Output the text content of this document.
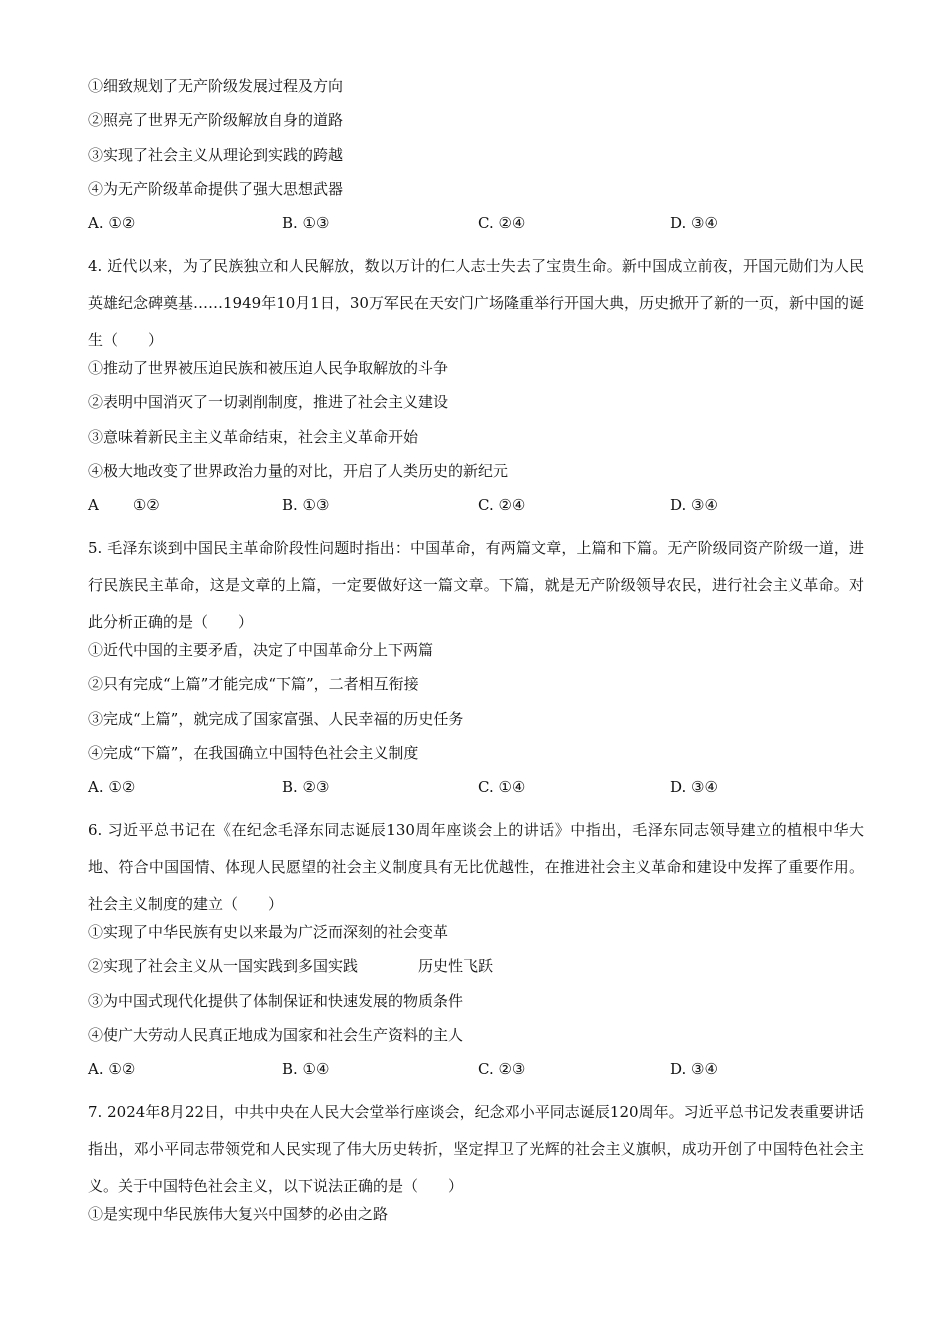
①细致规划了无产阶级发展过程及方向
②照亮了世界无产阶级解放自身的道路
③实现了社会主义从理论到实践的跨越
④为无产阶级革命提供了强大思想武器
A. ①②	B. ①③	C. ②④	D. ③④
4. 近代以来，为了民族独立和人民解放，数以万计的仁人志士失去了宝贵生命。新中国成立前夜，开国元勋们为人民英雄纪念碑奠基……1949年10月1日，30万军民在天安门广场隆重举行开国大典，历史掀开了新的一页，新中国的诞生（　　）
①推动了世界被压迫民族和被压迫人民争取解放的斗争
②表明中国消灭了一切剥削制度，推进了社会主义建设
③意味着新民主主义革命结束，社会主义革命开始
④极大地改变了世界政治力量的对比，开启了人类历史的新纪元
A ①②	B. ①③	C. ②④	D. ③④
5. 毛泽东谈到中国民主革命阶段性问题时指出：中国革命，有两篇文章，上篇和下篇。无产阶级同资产阶级一道，进行民族民主革命，这是文章的上篇，一定要做好这一篇文章。下篇，就是无产阶级领导农民，进行社会主义革命。对此分析正确的是（　　）
①近代中国的主要矛盾，决定了中国革命分上下两篇
②只有完成“上篇”才能完成“下篇”，二者相互衔接
③完成“上篇”，就完成了国家富强、人民幸福的历史任务
④完成“下篇”，在我国确立中国特色社会主义制度
A. ①②	B. ②③	C. ①④	D. ③④
6. 习近平总书记在《在纪念毛泽东同志诞辰130周年座谈会上的讲话》中指出，毛泽东同志领导建立的植根中华大地、符合中国国情、体现人民愿望的社会主义制度具有无比优越性，在推进社会主义革命和建设中发挥了重要作用。社会主义制度的建立（　　）
①实现了中华民族有史以来最为广泛而深刻的社会变革
②实现了社会主义从一国实践到多国实践	历史性飞跃
③为中国式现代化提供了体制保证和快速发展的物质条件
④使广大劳动人民真正地成为国家和社会生产资料的主人
A. ①②	B. ①④	C. ②③	D. ③④
7. 2024年8月22日，中共中央在人民大会堂举行座谈会，纪念邓小平同志诞辰120周年。习近平总书记发表重要讲话指出，邓小平同志带领党和人民实现了伟大历史转折，坚定捍卫了光辉的社会主义旗帜，成功开创了中国特色社会主义。关于中国特色社会主义，以下说法正确的是（　　）
①是实现中华民族伟大复兴中国梦的必由之路
